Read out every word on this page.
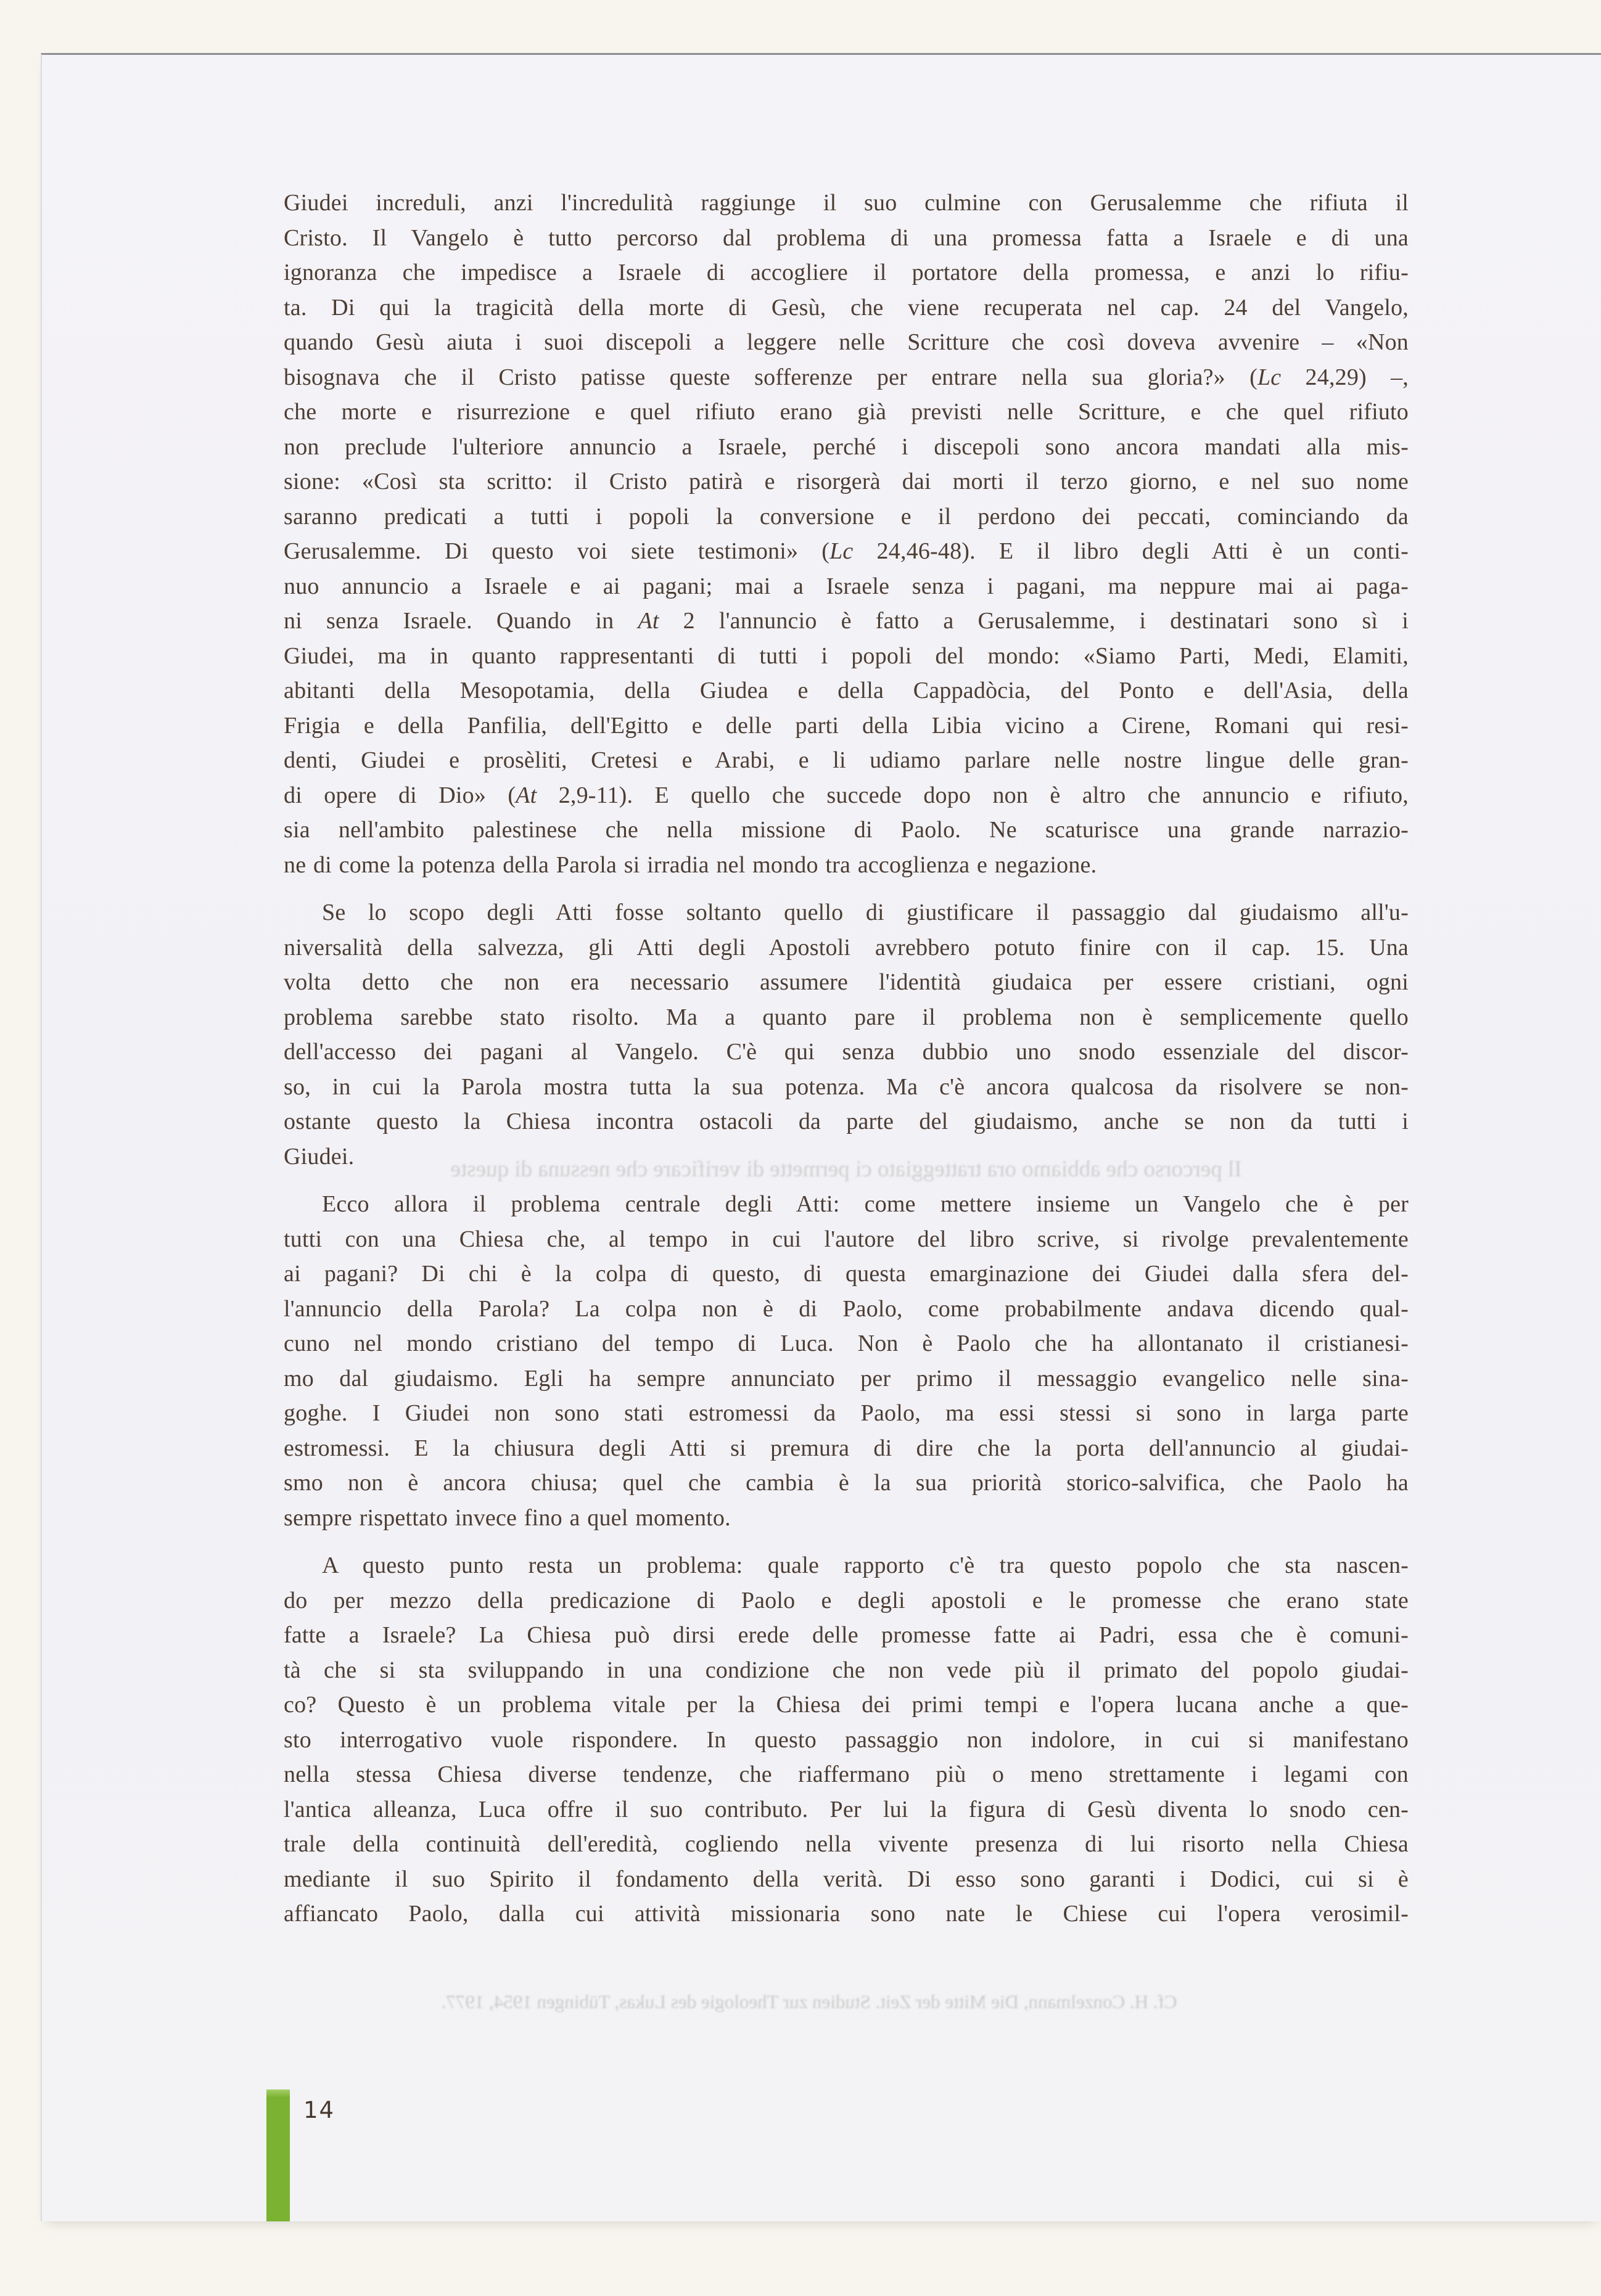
Il percorso che abbiamo ora tratteggiato ci permette di verificare che nessuna di queste
Cf. H. Conzelmann, Die Mitte der Zeit. Studien zur Theologie des Lukas, Tübingen 1954, 1977.
Giudei increduli, anzi l'incredulità raggiunge il suo culmine con Gerusalemme che rifiuta il
Cristo. Il Vangelo è tutto percorso dal problema di una promessa fatta a Israele e di una
ignoranza che impedisce a Israele di accogliere il portatore della promessa, e anzi lo rifiu-
ta. Di qui la tragicità della morte di Gesù, che viene recuperata nel cap. 24 del Vangelo,
quando Gesù aiuta i suoi discepoli a leggere nelle Scritture che così doveva avvenire – «Non
bisognava che il Cristo patisse queste sofferenze per entrare nella sua gloria?» (Lc 24,29) –,
che morte e risurrezione e quel rifiuto erano già previsti nelle Scritture, e che quel rifiuto
non preclude l'ulteriore annuncio a Israele, perché i discepoli sono ancora mandati alla mis-
sione: «Così sta scritto: il Cristo patirà e risorgerà dai morti il terzo giorno, e nel suo nome
saranno predicati a tutti i popoli la conversione e il perdono dei peccati, cominciando da
Gerusalemme. Di questo voi siete testimoni» (Lc 24,46-48). E il libro degli Atti è un conti-
nuo annuncio a Israele e ai pagani; mai a Israele senza i pagani, ma neppure mai ai paga-
ni senza Israele. Quando in At 2 l'annuncio è fatto a Gerusalemme, i destinatari sono sì i
Giudei, ma in quanto rappresentanti di tutti i popoli del mondo: «Siamo Parti, Medi, Elamiti,
abitanti della Mesopotamia, della Giudea e della Cappadòcia, del Ponto e dell'Asia, della
Frigia e della Panfilia, dell'Egitto e delle parti della Libia vicino a Cirene, Romani qui resi-
denti, Giudei e prosèliti, Cretesi e Arabi, e li udiamo parlare nelle nostre lingue delle gran-
di opere di Dio» (At 2,9-11). E quello che succede dopo non è altro che annuncio e rifiuto,
sia nell'ambito palestinese che nella missione di Paolo. Ne scaturisce una grande narrazio-
ne di come la potenza della Parola si irradia nel mondo tra accoglienza e negazione.
Se lo scopo degli Atti fosse soltanto quello di giustificare il passaggio dal giudaismo all'u-
niversalità della salvezza, gli Atti degli Apostoli avrebbero potuto finire con il cap. 15. Una
volta detto che non era necessario assumere l'identità giudaica per essere cristiani, ogni
problema sarebbe stato risolto. Ma a quanto pare il problema non è semplicemente quello
dell'accesso dei pagani al Vangelo. C'è qui senza dubbio uno snodo essenziale del discor-
so, in cui la Parola mostra tutta la sua potenza. Ma c'è ancora qualcosa da risolvere se non-
ostante questo la Chiesa incontra ostacoli da parte del giudaismo, anche se non da tutti i
Giudei.
Ecco allora il problema centrale degli Atti: come mettere insieme un Vangelo che è per
tutti con una Chiesa che, al tempo in cui l'autore del libro scrive, si rivolge prevalentemente
ai pagani? Di chi è la colpa di questo, di questa emarginazione dei Giudei dalla sfera del-
l'annuncio della Parola? La colpa non è di Paolo, come probabilmente andava dicendo qual-
cuno nel mondo cristiano del tempo di Luca. Non è Paolo che ha allontanato il cristianesi-
mo dal giudaismo. Egli ha sempre annunciato per primo il messaggio evangelico nelle sina-
goghe. I Giudei non sono stati estromessi da Paolo, ma essi stessi si sono in larga parte
estromessi. E la chiusura degli Atti si premura di dire che la porta dell'annuncio al giudai-
smo non è ancora chiusa; quel che cambia è la sua priorità storico-salvifica, che Paolo ha
sempre rispettato invece fino a quel momento.
A questo punto resta un problema: quale rapporto c'è tra questo popolo che sta nascen-
do per mezzo della predicazione di Paolo e degli apostoli e le promesse che erano state
fatte a Israele? La Chiesa può dirsi erede delle promesse fatte ai Padri, essa che è comuni-
tà che si sta sviluppando in una condizione che non vede più il primato del popolo giudai-
co? Questo è un problema vitale per la Chiesa dei primi tempi e l'opera lucana anche a que-
sto interrogativo vuole rispondere. In questo passaggio non indolore, in cui si manifestano
nella stessa Chiesa diverse tendenze, che riaffermano più o meno strettamente i legami con
l'antica alleanza, Luca offre il suo contributo. Per lui la figura di Gesù diventa lo snodo cen-
trale della continuità dell'eredità, cogliendo nella vivente presenza di lui risorto nella Chiesa
mediante il suo Spirito il fondamento della verità. Di esso sono garanti i Dodici, cui si è
affiancato Paolo, dalla cui attività missionaria sono nate le Chiese cui l'opera verosimil-
14
